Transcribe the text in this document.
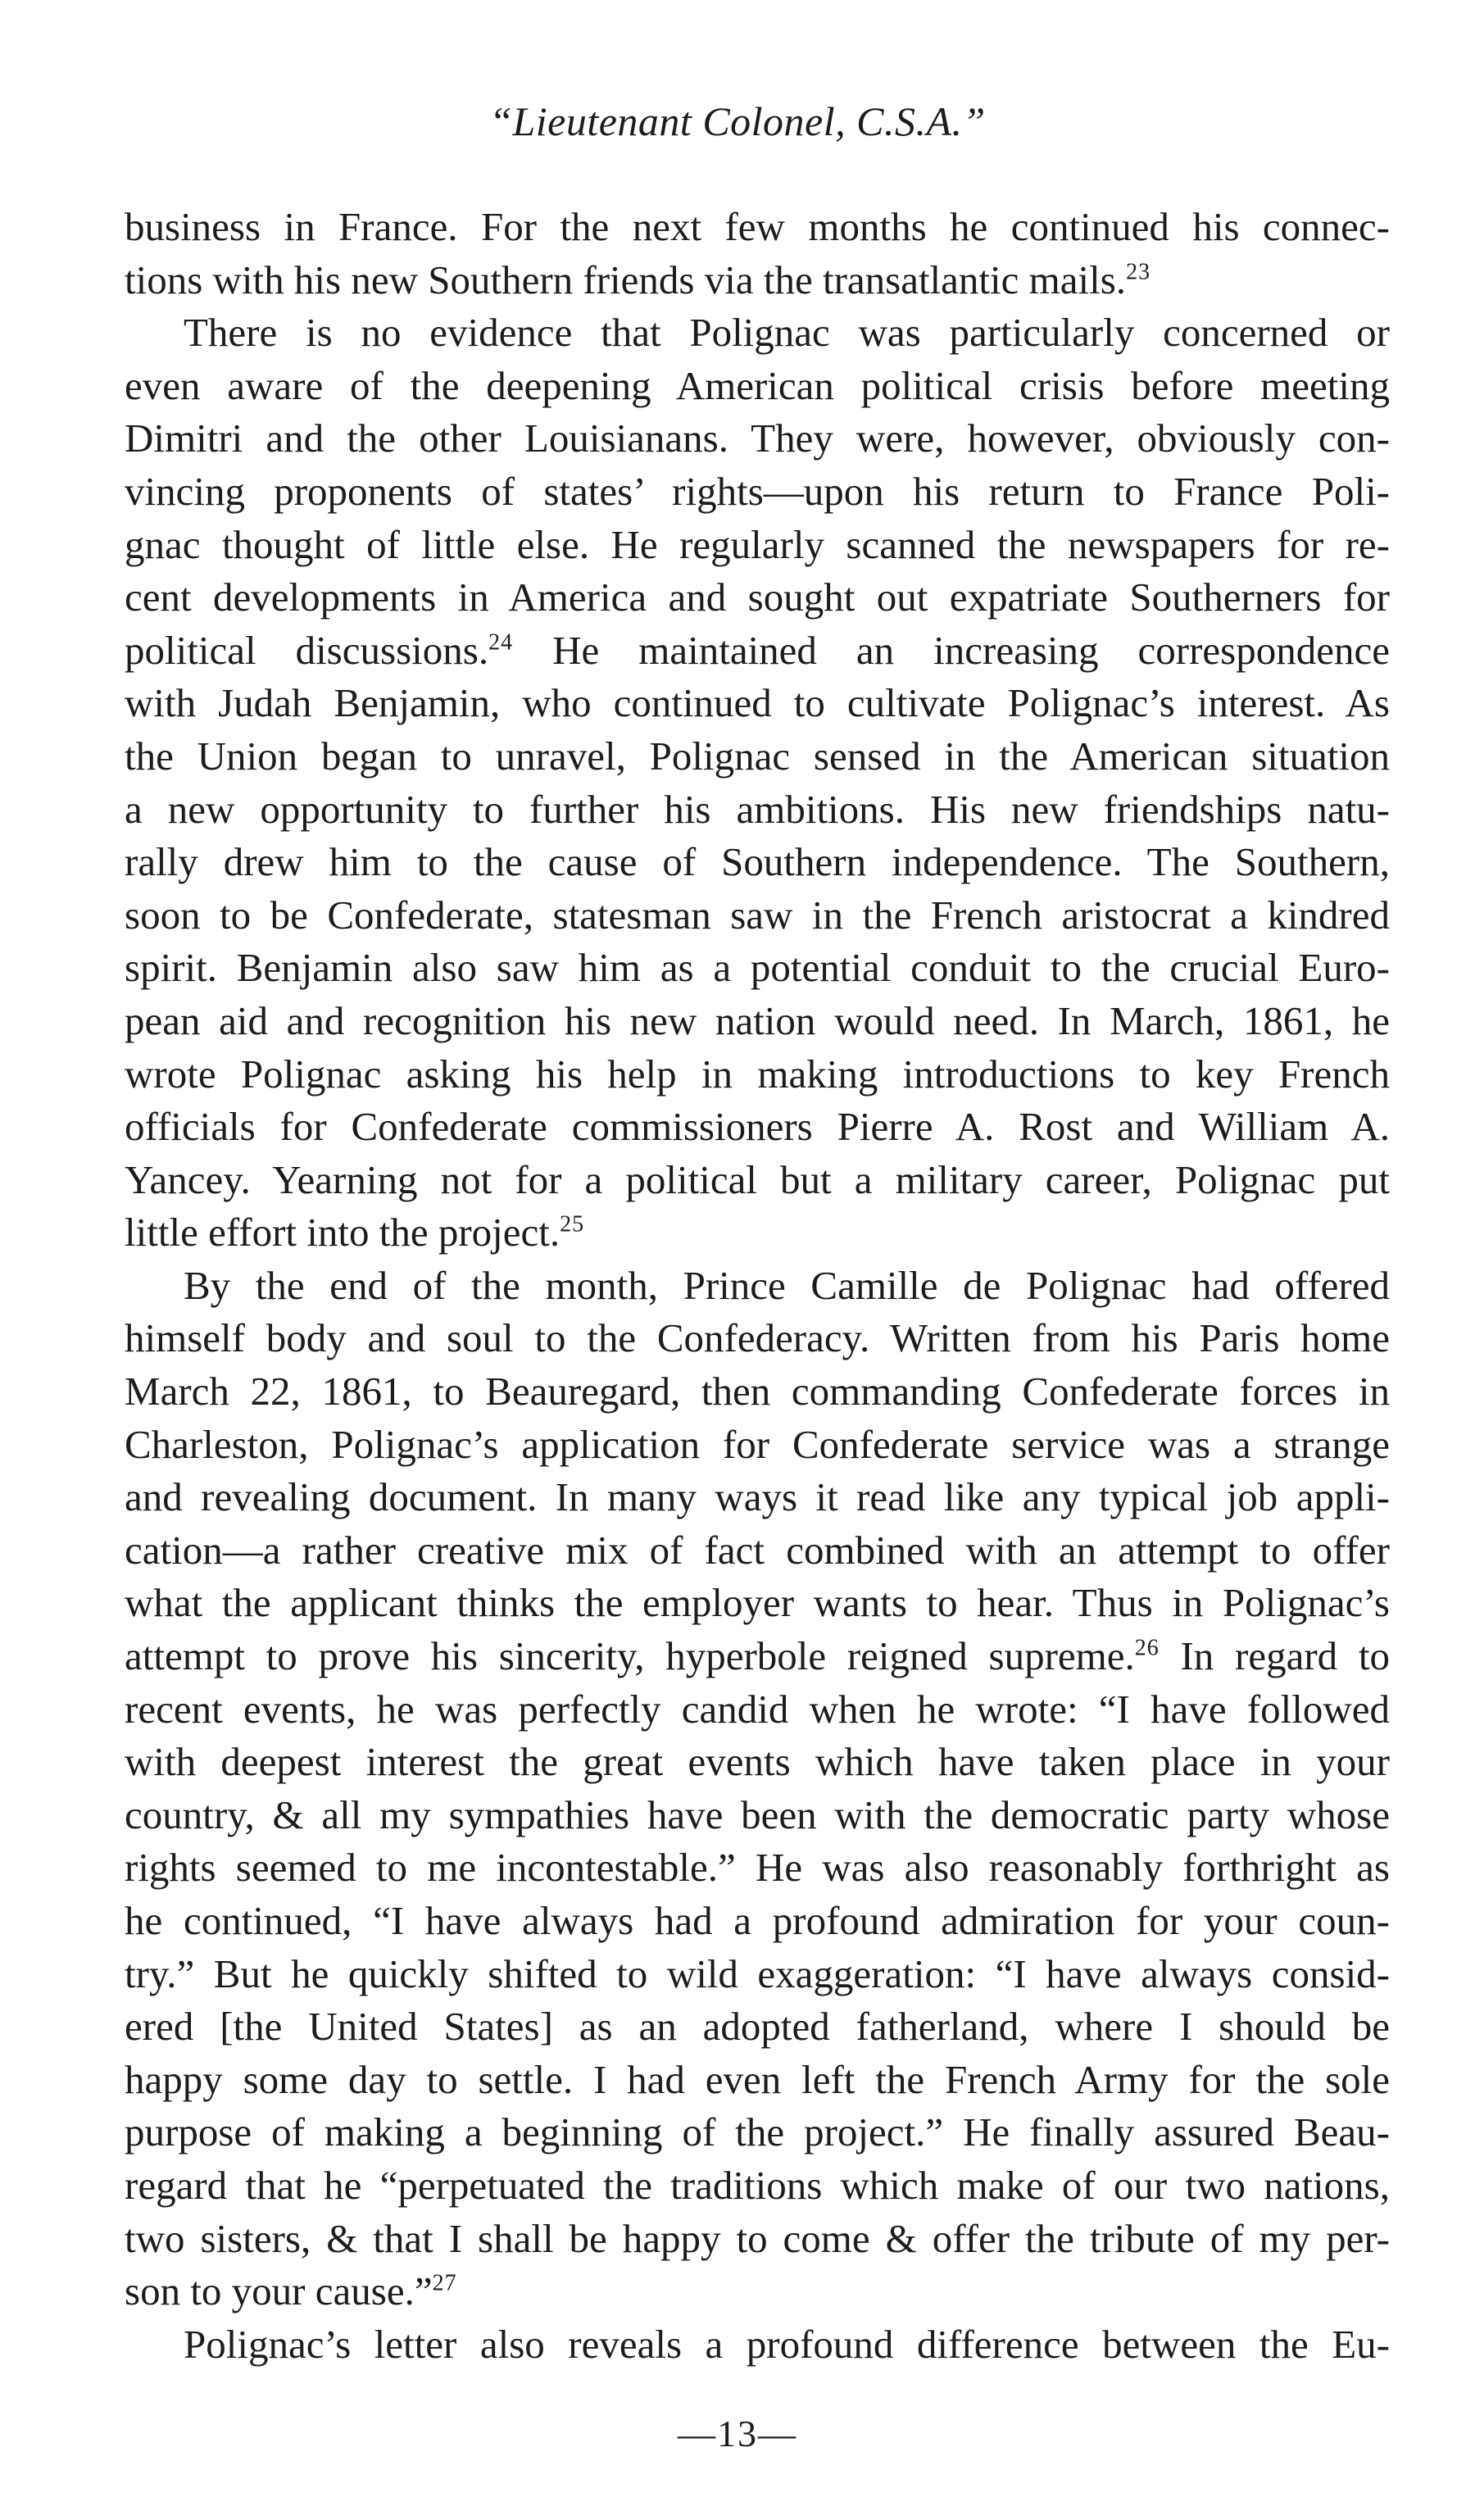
“Lieutenant Colonel, C.S.A.”
business in France. For the next few months he continued his connec-
tions with his new Southern friends via the transatlantic mails.$^{23}$
There is no evidence that Polignac was particularly concerned or
even aware of the deepening American political crisis before meeting
Dimitri and the other Louisianans. They were, however, obviously con-
vincing proponents of states’ rights—upon his return to France Poli-
gnac thought of little else. He regularly scanned the newspapers for re-
cent developments in America and sought out expatriate Southerners for
political discussions.$^{24}$ He maintained an increasing correspondence
with Judah Benjamin, who continued to cultivate Polignac’s interest. As
the Union began to unravel, Polignac sensed in the American situation
a new opportunity to further his ambitions. His new friendships natu-
rally drew him to the cause of Southern independence. The Southern,
soon to be Confederate, statesman saw in the French aristocrat a kindred
spirit. Benjamin also saw him as a potential conduit to the crucial Euro-
pean aid and recognition his new nation would need. In March, 1861, he
wrote Polignac asking his help in making introductions to key French
officials for Confederate commissioners Pierre A. Rost and William A.
Yancey. Yearning not for a political but a military career, Polignac put
little effort into the project.$^{25}$
By the end of the month, Prince Camille de Polignac had offered
himself body and soul to the Confederacy. Written from his Paris home
March 22, 1861, to Beauregard, then commanding Confederate forces in
Charleston, Polignac’s application for Confederate service was a strange
and revealing document. In many ways it read like any typical job appli-
cation—a rather creative mix of fact combined with an attempt to offer
what the applicant thinks the employer wants to hear. Thus in Polignac’s
attempt to prove his sincerity, hyperbole reigned supreme.$^{26}$ In regard to
recent events, he was perfectly candid when he wrote: “I have followed
with deepest interest the great events which have taken place in your
country, & all my sympathies have been with the democratic party whose
rights seemed to me incontestable.” He was also reasonably forthright as
he continued, “I have always had a profound admiration for your coun-
try.” But he quickly shifted to wild exaggeration: “I have always consid-
ered [the United States] as an adopted fatherland, where I should be
happy some day to settle. I had even left the French Army for the sole
purpose of making a beginning of the project.” He finally assured Beau-
regard that he “perpetuated the traditions which make of our two nations,
two sisters, & that I shall be happy to come & offer the tribute of my per-
son to your cause.”$^{27}$
Polignac’s letter also reveals a profound difference between the Eu-
—13—
